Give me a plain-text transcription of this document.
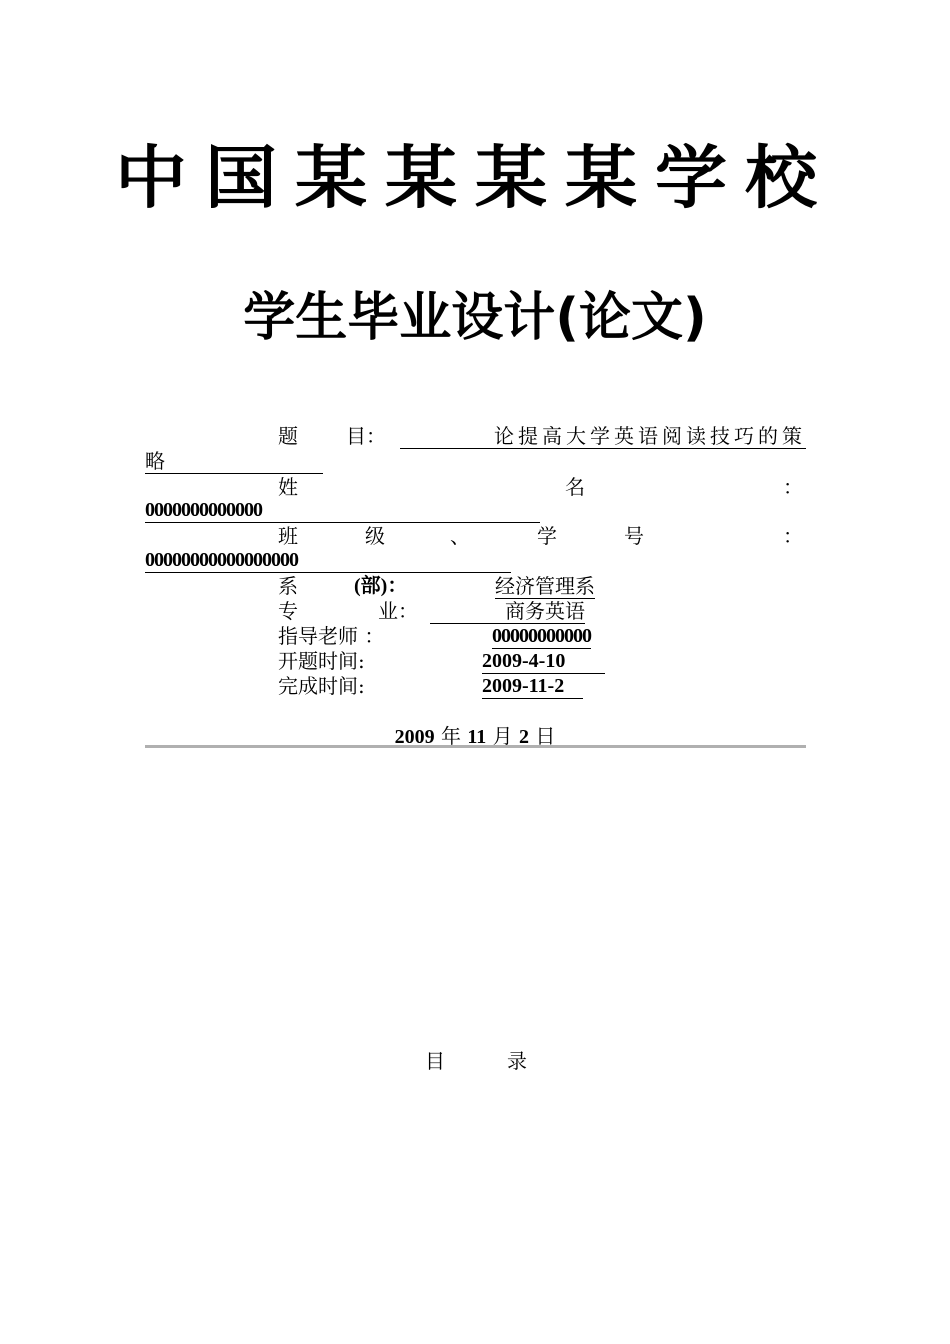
中国某某某某学校
学生毕业设计(论文)
题 目：	论提高大学英语阅读技巧的策
略
姓	名	：
0000000000000
班	级	、	学	号	：
00000000000000000
系	(部)：	经济管理系
专	业：	商务英语
指导老师 ：	00000000000
开题时间:	2009-4-10
完成时间:	2009-11-2
2009 年 11 月 2 日
目	录
